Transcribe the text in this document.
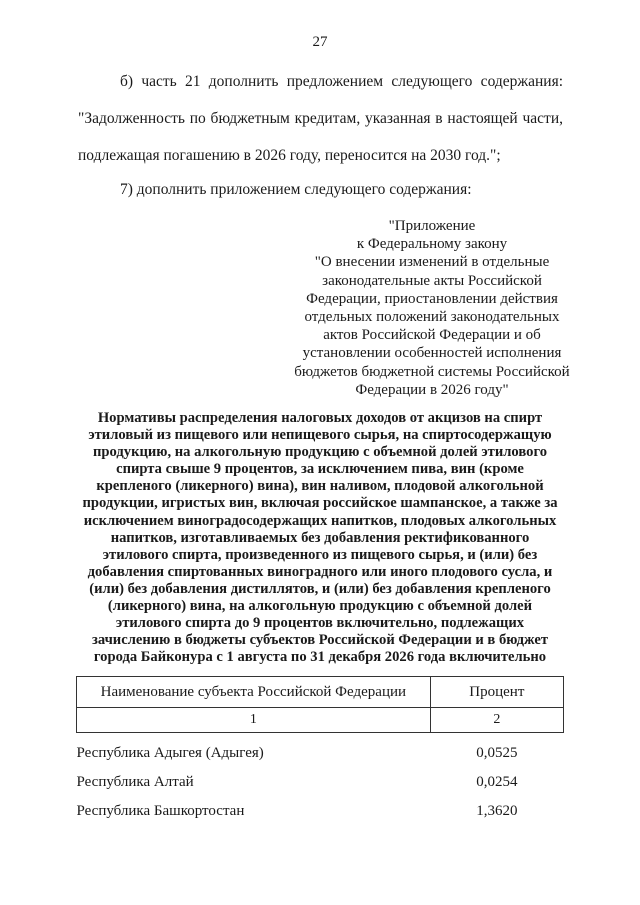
27
б) часть 21 дополнить предложением следующего содержания:
"Задолженность по бюджетным кредитам, указанная в настоящей части,
подлежащая погашению в 2026 году, переносится на 2030 год.";
7) дополнить приложением следующего содержания:
"Приложение
к Федеральному закону
"О внесении изменений в отдельные
законодательные акты Российской
Федерации, приостановлении действия
отдельных положений законодательных
актов Российской Федерации и об
установлении особенностей исполнения
бюджетов бюджетной системы Российской
Федерации в 2026 году"
Нормативы распределения налоговых доходов от акцизов на спирт
этиловый из пищевого или непищевого сырья, на спиртосодержащую
продукцию, на алкогольную продукцию с объемной долей этилового
спирта свыше 9 процентов, за исключением пива, вин (кроме
крепленого (ликерного) вина), вин наливом, плодовой алкогольной
продукции, игристых вин, включая российское шампанское, а также за
исключением виноградосодержащих напитков, плодовых алкогольных
напитков, изготавливаемых без добавления ректификованного
этилового спирта, произведенного из пищевого сырья, и (или) без
добавления спиртованных виноградного или иного плодового сусла, и
(или) без добавления дистиллятов, и (или) без добавления крепленого
(ликерного) вина, на алкогольную продукцию с объемной долей
этилового спирта до 9 процентов включительно, подлежащих
зачислению в бюджеты субъектов Российской Федерации и в бюджет
города Байконура с 1 августа по 31 декабря 2026 года включительно
Наименование субъекта Российской Федерации	Процент
1	2
Республика Адыгея (Адыгея)	0,0525
Республика Алтай	0,0254
Республика Башкортостан	1,3620
